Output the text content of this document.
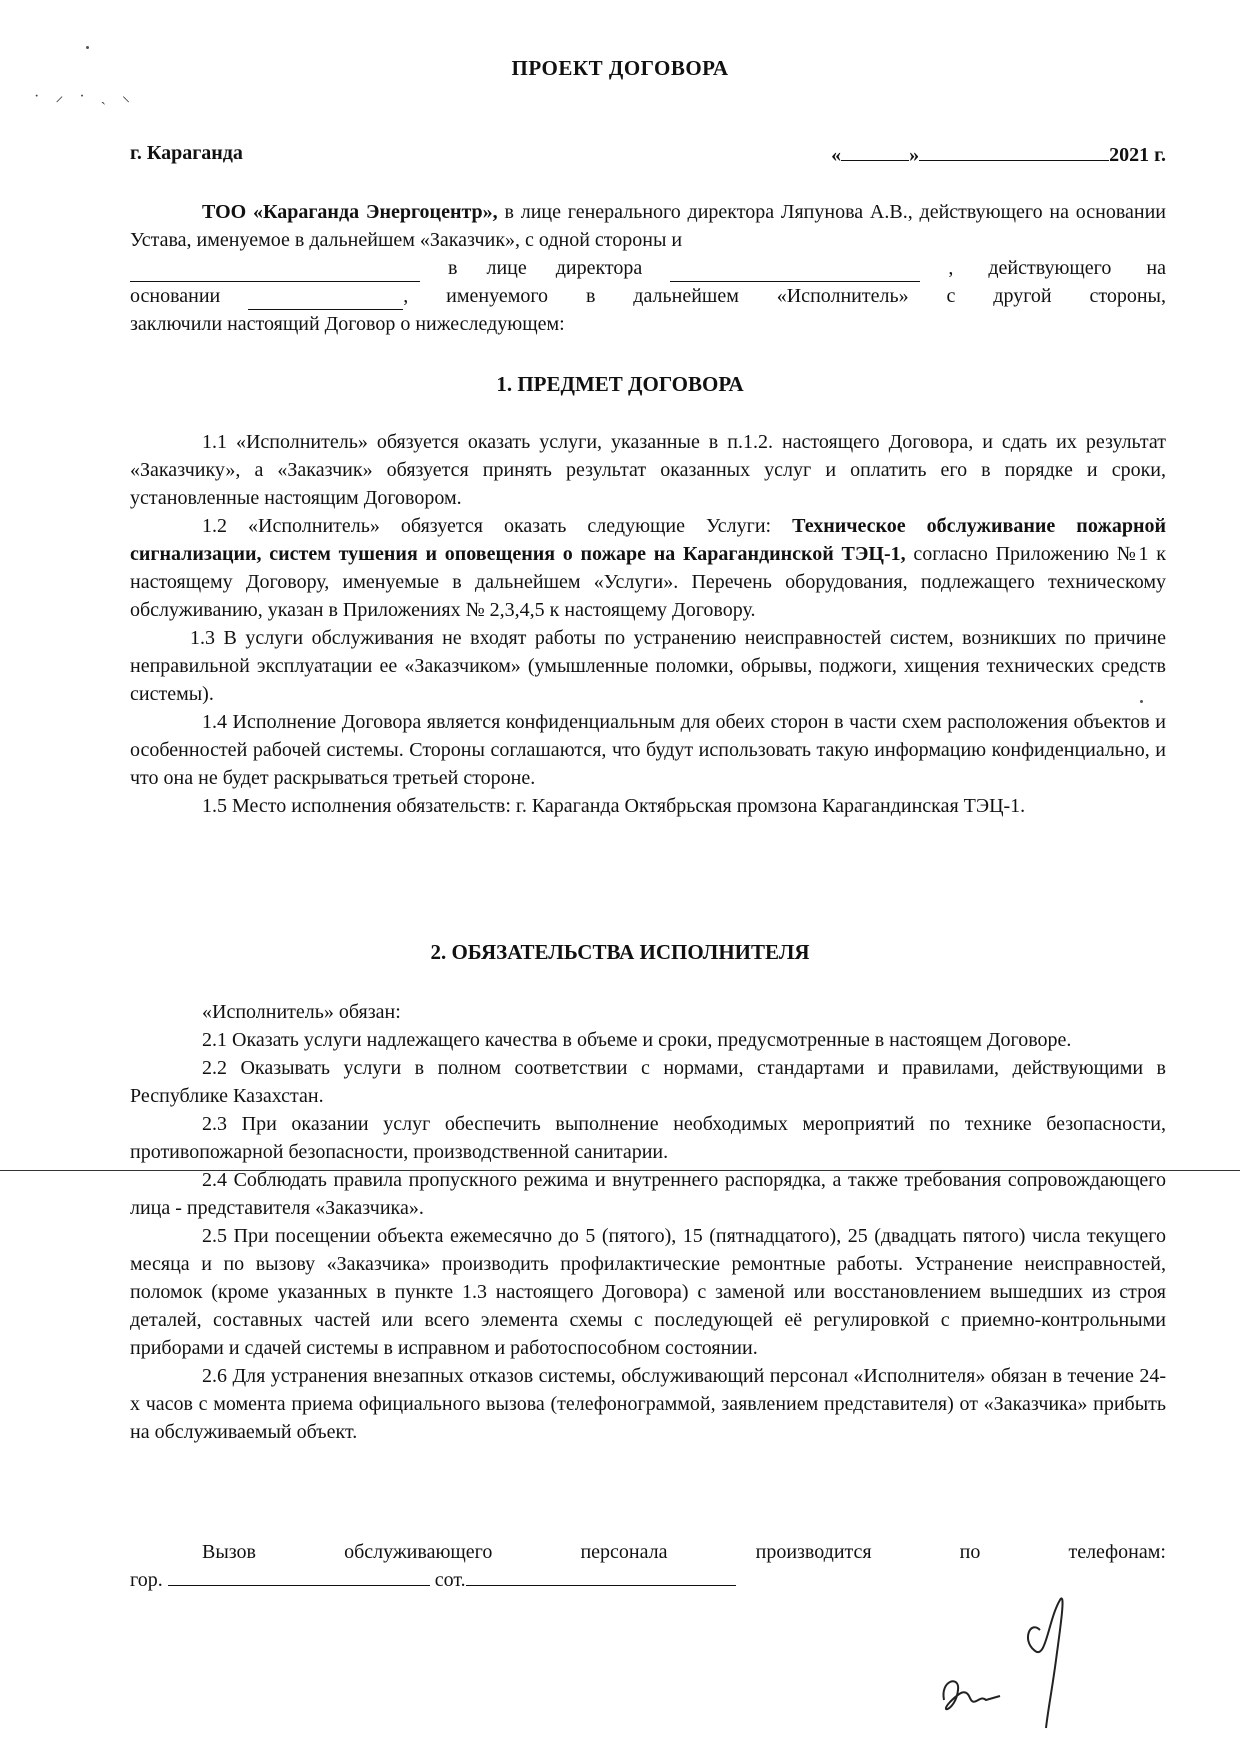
· ⸝ · ˏ ⸜
ПРОЕКТ ДОГОВОРА
г. Караганда	«	»	2021 г.

ТОО «Караганда Энергоцентр», в лице генерального директора Ляпунова А.В., действующего на основании Устава, именуемое в дальнейшем «Заказчик», с одной стороны и

в лице директора	, действующего на
основании	, именуемого в дальнейшем «Исполнитель» с другой стороны,

заключили настоящий Договор о нижеследующем:

1. ПРЕДМЕТ ДОГОВОРА

1.1 «Исполнитель» обязуется оказать услуги, указанные в п.1.2. настоящего Договора, и сдать их результат «Заказчику», а «Заказчик» обязуется принять результат оказанных услуг и оплатить его в порядке и сроки, установленные настоящим Договором.

1.2 «Исполнитель» обязуется оказать следующие Услуги: Техническое обслуживание пожарной сигнализации, систем тушения и оповещения о пожаре на Карагандинской ТЭЦ-1, согласно Приложению №1 к настоящему Договору, именуемые в дальнейшем «Услуги». Перечень оборудования, подлежащего техническому обслуживанию, указан в Приложениях № 2,3,4,5 к настоящему Договору.

1.3 В услуги обслуживания не входят работы по устранению неисправностей систем, возникших по причине неправильной эксплуатации ее «Заказчиком» (умышленные поломки, обрывы, поджоги, хищения технических средств системы).

1.4 Исполнение Договора является конфиденциальным для обеих сторон в части схем расположения объектов и особенностей рабочей системы. Стороны соглашаются, что будут использовать такую информацию конфиденциально, и что она не будет раскрываться третьей стороне.

1.5 Место исполнения обязательств: г. Караганда Октябрьская промзона Карагандинская ТЭЦ-1.

2. ОБЯЗАТЕЛЬСТВА ИСПОЛНИТЕЛЯ

«Исполнитель» обязан:

2.1 Оказать услуги надлежащего качества в объеме и сроки, предусмотренные в настоящем Договоре.

2.2 Оказывать услуги в полном соответствии с нормами, стандартами и правилами, действующими в Республике Казахстан.

2.3 При оказании услуг обеспечить выполнение необходимых мероприятий по технике безопасности, противопожарной безопасности, производственной санитарии.

2.4 Соблюдать правила пропускного режима и внутреннего распорядка, а также требования сопровождающего лица - представителя «Заказчика».

2.5 При посещении объекта ежемесячно до 5 (пятого), 15 (пятнадцатого), 25 (двадцать пятого) числа текущего месяца и по вызову «Заказчика» производить профилактические ремонтные работы. Устранение неисправностей, поломок (кроме указанных в пункте 1.3 настоящего Договора) с заменой или восстановлением вышедших из строя деталей, составных частей или всего элемента схемы с последующей её регулировкой с приемно-контрольными приборами и сдачей системы в исправном и работоспособном состоянии.

2.6 Для устранения внезапных отказов системы, обслуживающий персонал «Исполнителя» обязан в течение 24-х часов с момента приема официального вызова (телефонограммой, заявлением представителя) от «Заказчика» прибыть на обслуживаемый объект.

Вызов	обслуживающего	персонала	производится	по	телефонам:
гор.	сот.
